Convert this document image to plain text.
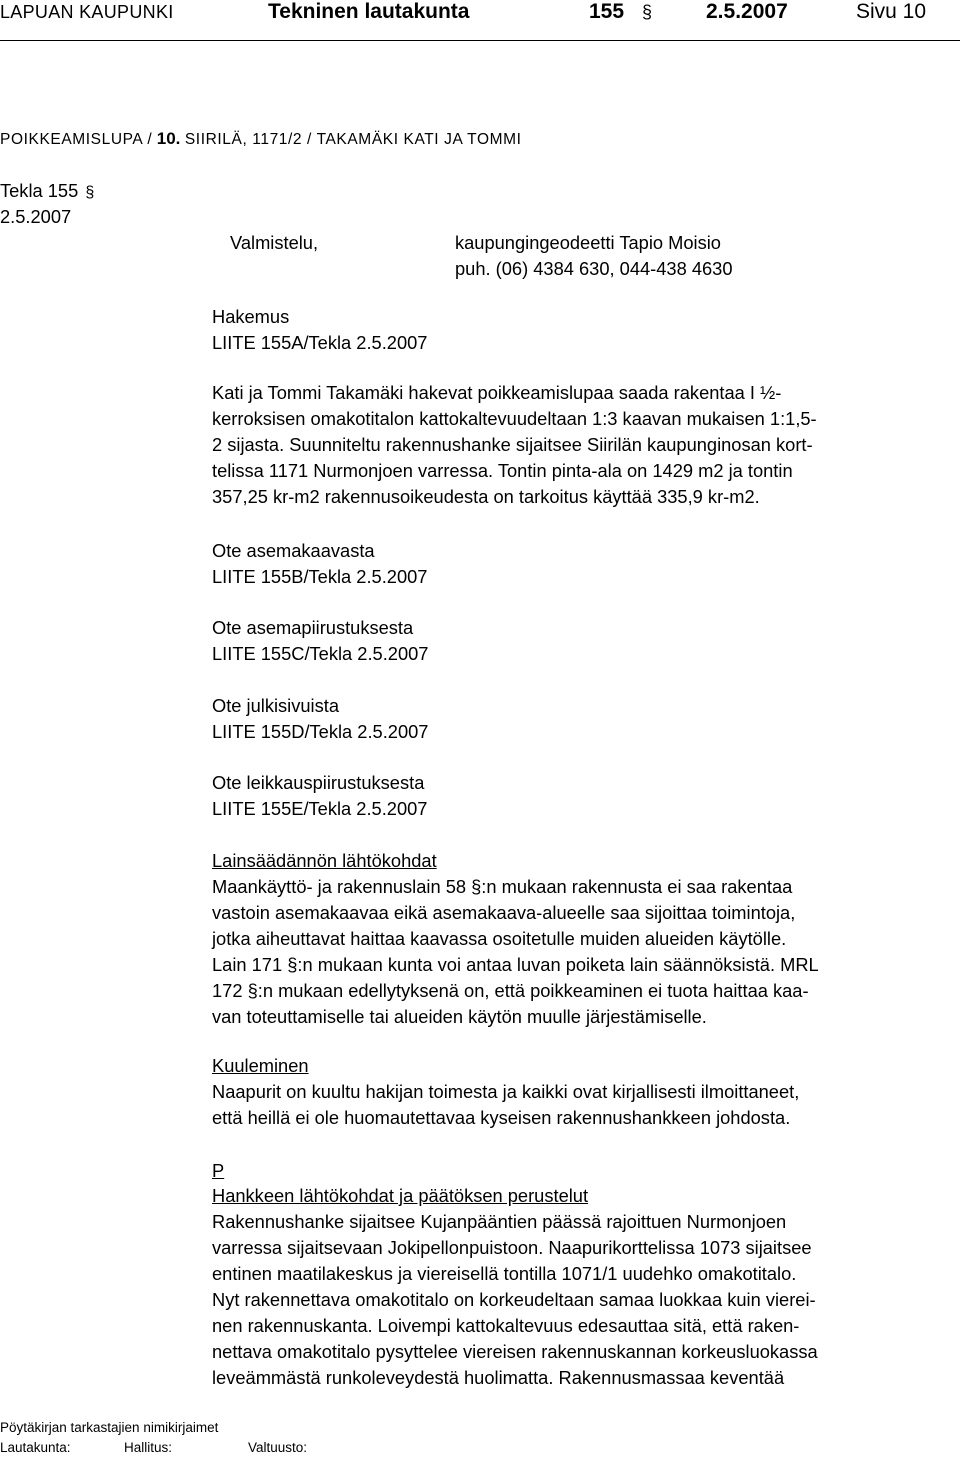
LAPUAN KAUPUNKI	Tekninen lautakunta	155 §	2.5.2007	Sivu 10
POIKKEAMISLUPA / 10. SIIRILÄ, 1171/2 / TAKAMÄKI KATI JA TOMMI
Tekla 155 §
2.5.2007
Valmistelu,	kaupungingeodeetti Tapio Moisio
puh. (06) 4384 630, 044-438 4630
Hakemus
LIITE 155A/Tekla 2.5.2007
Kati ja Tommi Takamäki hakevat poikkeamislupaa saada rakentaa I ½-
kerroksisen omakotitalon kattokaltevuudeltaan 1:3 kaavan mukaisen 1:1,5-
2 sijasta. Suunniteltu rakennushanke sijaitsee Siirilän kaupunginosan kort-
telissa 1171 Nurmonjoen varressa. Tontin pinta-ala on 1429 m2 ja tontin
357,25 kr-m2 rakennusoikeudesta on tarkoitus käyttää 335,9 kr-m2.
Ote asemakaavasta
LIITE 155B/Tekla 2.5.2007
Ote asemapiirustuksesta
LIITE 155C/Tekla 2.5.2007
Ote julkisivuista
LIITE 155D/Tekla 2.5.2007
Ote leikkauspiirustuksesta
LIITE 155E/Tekla 2.5.2007
Lainsäädännön lähtökohdat
Maankäyttö- ja rakennuslain 58 §:n mukaan rakennusta ei saa rakentaa
vastoin asemakaavaa eikä asemakaava-alueelle saa sijoittaa toimintoja,
jotka aiheuttavat haittaa kaavassa osoitetulle muiden alueiden käytölle.
Lain 171 §:n mukaan kunta voi antaa luvan poiketa lain säännöksistä. MRL
172 §:n mukaan edellytyksenä on, että poikkeaminen ei tuota haittaa kaa-
van toteuttamiselle tai alueiden käytön muulle järjestämiselle.
Kuuleminen
Naapurit on kuultu hakijan toimesta ja kaikki ovat kirjallisesti ilmoittaneet,
että heillä ei ole huomautettavaa kyseisen rakennushankkeen johdosta.
P
Hankkeen lähtökohdat ja päätöksen perustelut
Rakennushanke sijaitsee Kujanpääntien päässä rajoittuen Nurmonjoen
varressa sijaitsevaan Jokipellonpuistoon. Naapurikorttelissa 1073 sijaitsee
entinen maatilakeskus ja viereisellä tontilla 1071/1 uudehko omakotitalo.
Nyt rakennettava omakotitalo on korkeudeltaan samaa luokkaa kuin vierei-
nen rakennuskanta. Loivempi kattokaltevuus edesauttaa sitä, että raken-
nettava omakotitalo pysyttelee viereisen rakennuskannan korkeusluokassa
leveämmästä runkoleveydestä huolimatta. Rakennusmassaa keventää
Pöytäkirjan tarkastajien nimikirjaimet
Lautakunta:	Hallitus:	Valtuusto:
